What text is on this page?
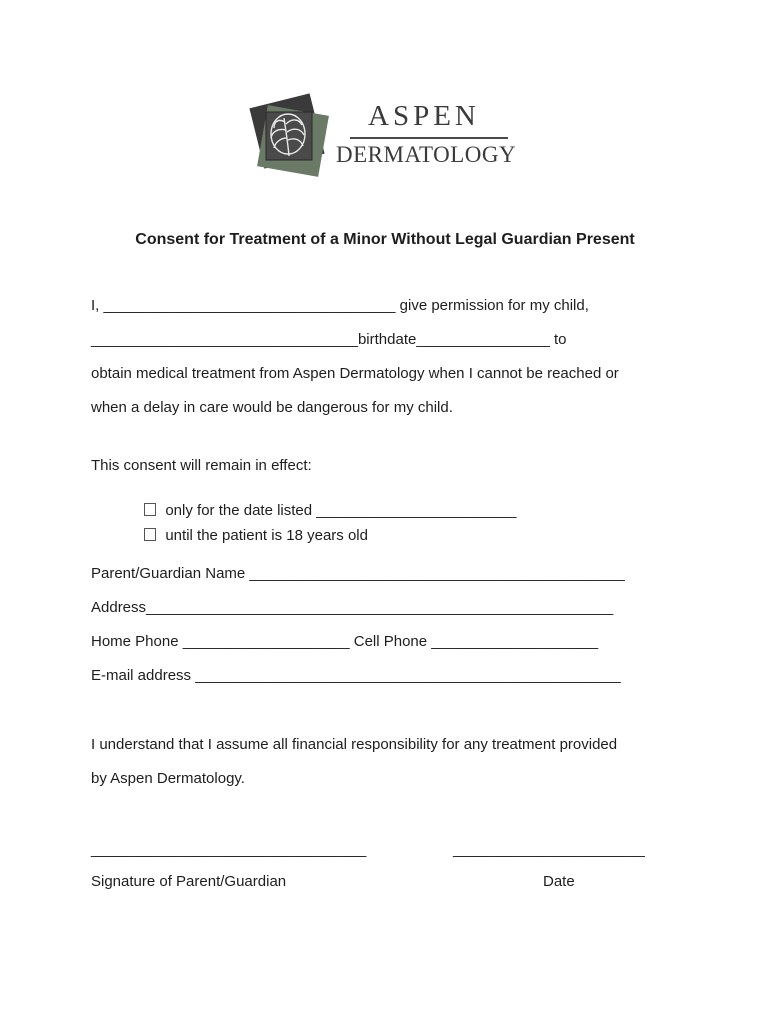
ASPEN
DERMATOLOGY
Consent for Treatment of a Minor Without Legal Guardian Present
I, ___________________________________ give permission for my child,
________________________________birthdate________________ to
obtain medical treatment from Aspen Dermatology when I cannot be reached or
when a delay in care would be dangerous for my child.
This consent will remain in effect:

only for the date listed ________________________

until the patient is 18 years old

Parent/Guardian Name _____________________________________________
Address________________________________________________________
Home Phone ____________________ Cell Phone ____________________
E-mail address ___________________________________________________
I understand that I assume all financial responsibility for any treatment provided
by Aspen Dermatology.
_________________________________	_______________________
Signature of Parent/Guardian	Date
